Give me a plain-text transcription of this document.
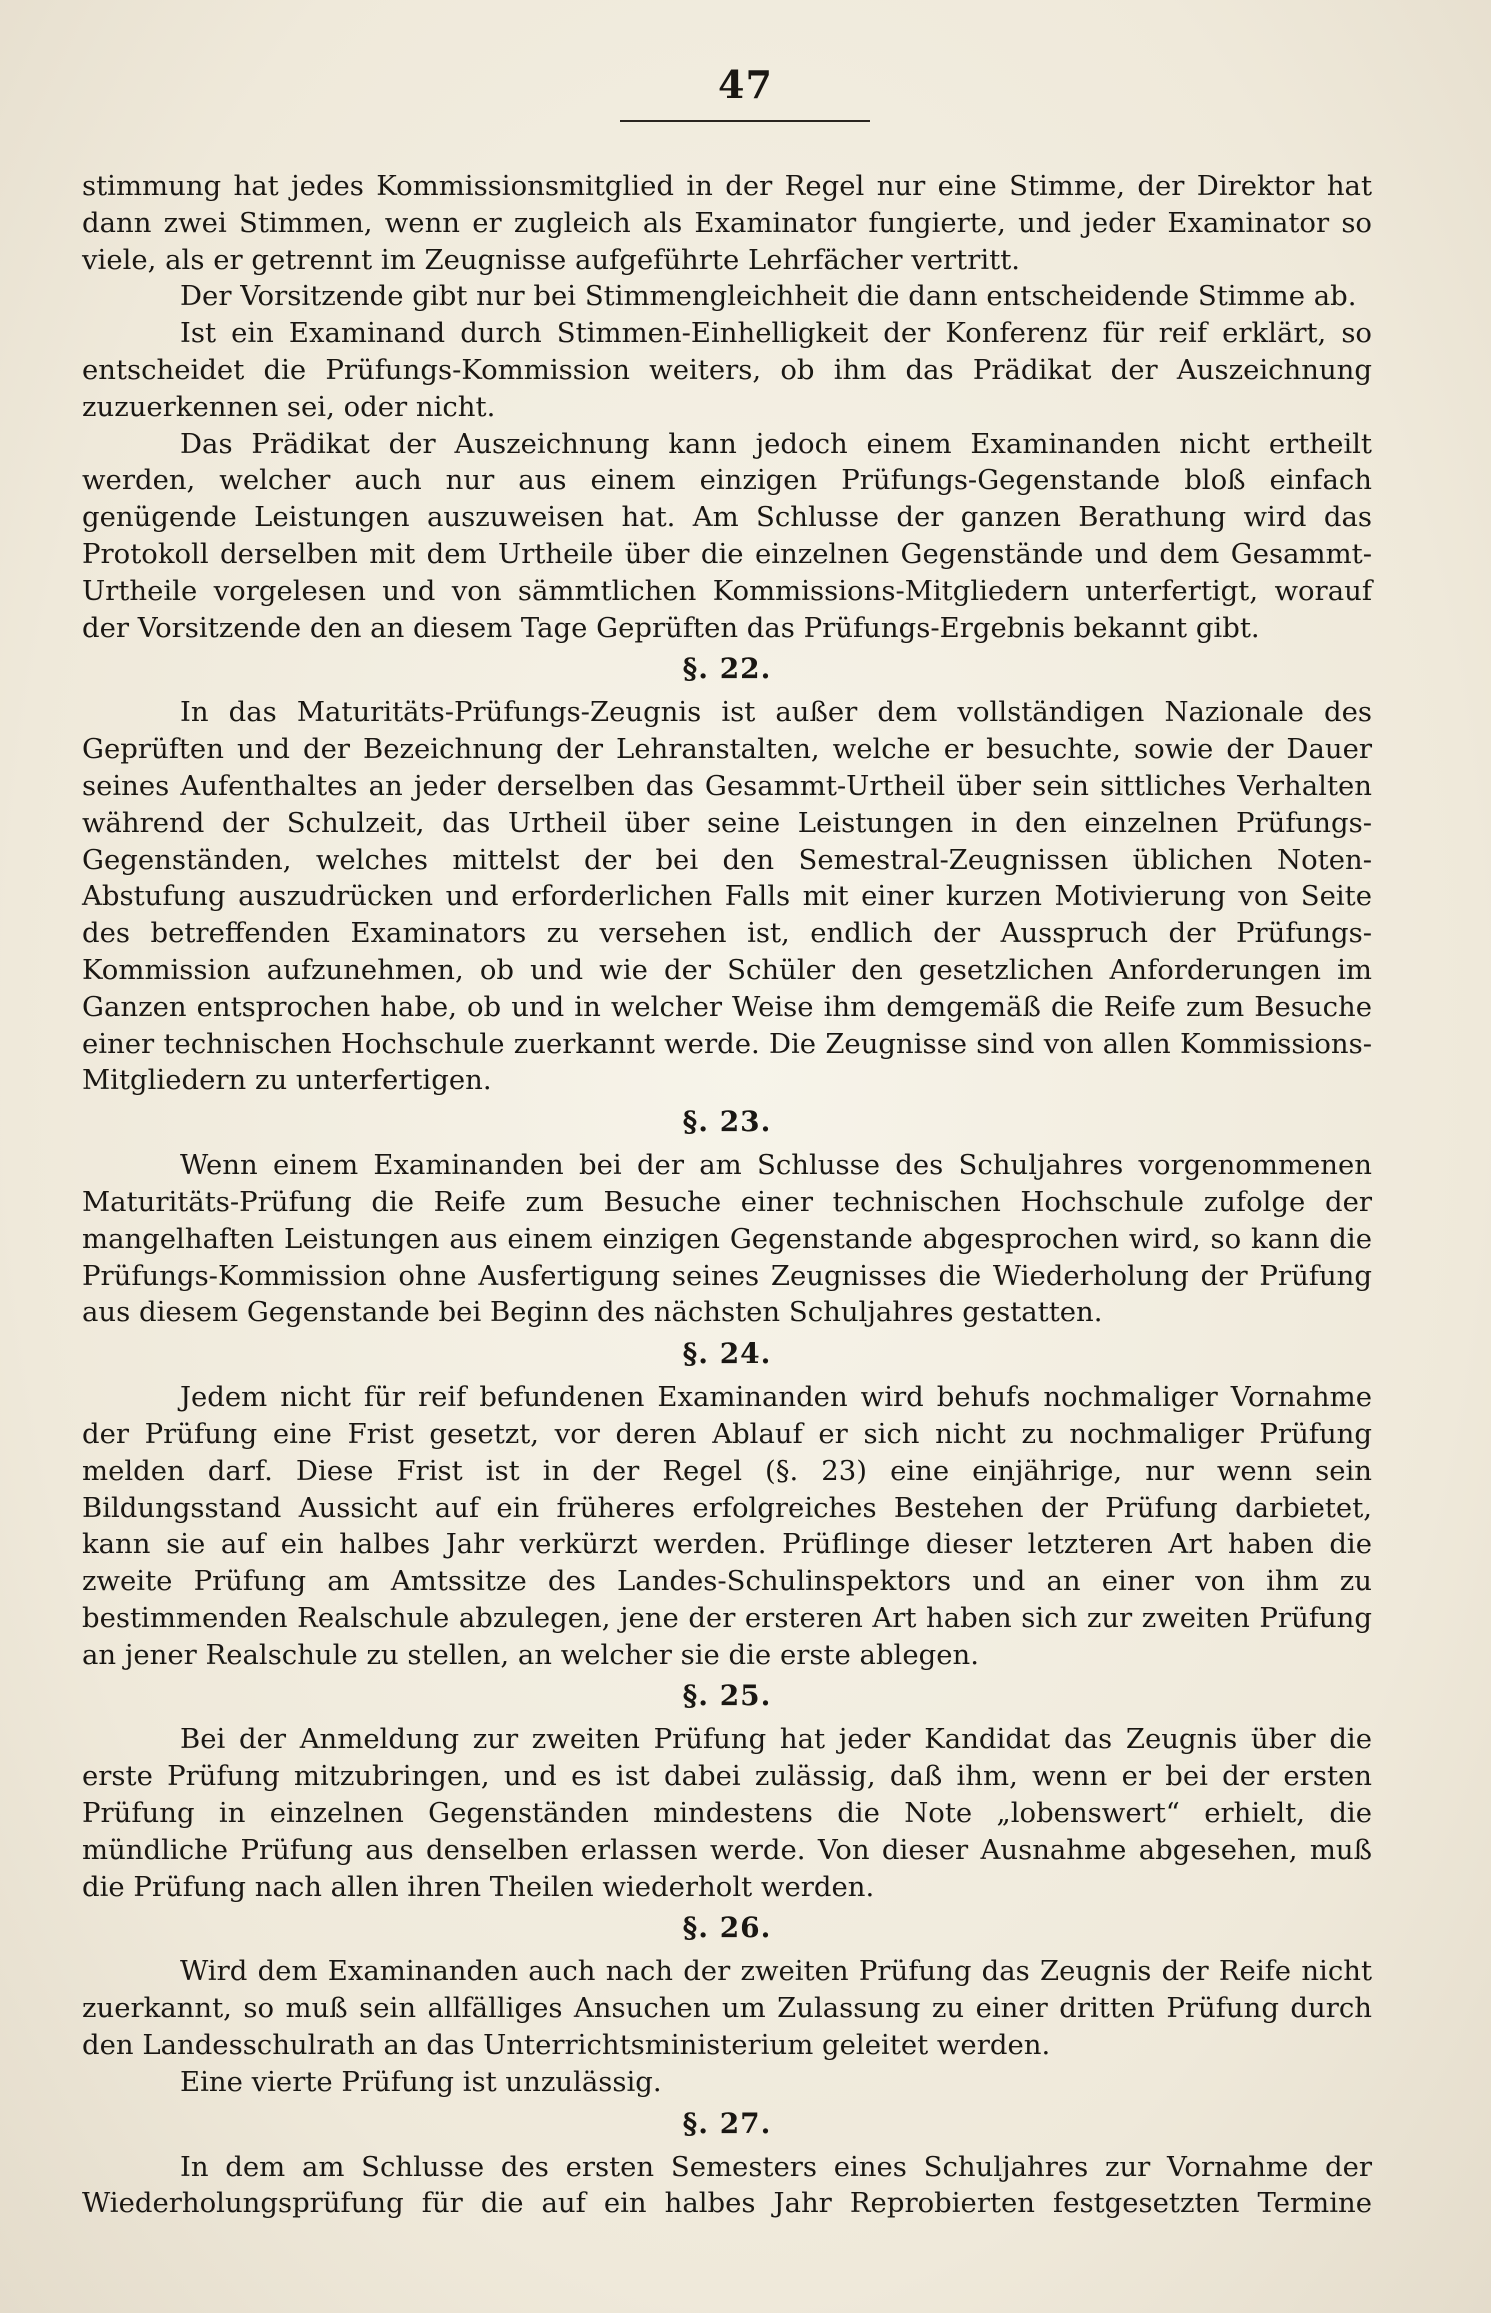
47

stimmung hat jedes Kommissionsmitglied in der Regel nur eine Stimme, der Direktor hat dann zwei Stimmen, wenn er zugleich als Examinator fungierte, und jeder Examinator so viele, als er getrennt im Zeugnisse aufgeführte Lehrfächer vertritt.

Der Vorsitzende gibt nur bei Stimmengleichheit die dann entscheidende Stimme ab.

Ist ein Examinand durch Stimmen-Einhelligkeit der Konferenz für reif erklärt, so entscheidet die Prüfungs-Kommission weiters, ob ihm das Prädikat der Auszeichnung zuzuerkennen sei, oder nicht.

Das Prädikat der Auszeichnung kann jedoch einem Examinanden nicht ertheilt werden, welcher auch nur aus einem einzigen Prüfungs-Gegenstande bloß einfach genügende Leistungen auszuweisen hat. Am Schlusse der ganzen Berathung wird das Protokoll derselben mit dem Urtheile über die einzelnen Gegenstände und dem Gesammt-Urtheile vorgelesen und von sämmtlichen Kommissions-Mitgliedern unterfertigt, worauf der Vorsitzende den an diesem Tage Geprüften das Prüfungs-Ergebnis bekannt gibt.

§. 22.

In das Maturitäts-Prüfungs-Zeugnis ist außer dem vollständigen Nazionale des Geprüften und der Bezeichnung der Lehranstalten, welche er besuchte, sowie der Dauer seines Aufenthaltes an jeder derselben das Gesammt-Urtheil über sein sittliches Verhalten während der Schulzeit, das Urtheil über seine Leistungen in den einzelnen Prüfungs-Gegenständen, welches mittelst der bei den Semestral-Zeugnissen üblichen Noten-Abstufung auszudrücken und erforderlichen Falls mit einer kurzen Motivierung von Seite des betreffenden Examinators zu versehen ist, endlich der Ausspruch der Prüfungs-Kommission aufzunehmen, ob und wie der Schüler den gesetzlichen Anforderungen im Ganzen entsprochen habe, ob und in welcher Weise ihm demgemäß die Reife zum Besuche einer technischen Hochschule zuerkannt werde. Die Zeugnisse sind von allen Kommissions-Mitgliedern zu unterfertigen.

§. 23.

Wenn einem Examinanden bei der am Schlusse des Schuljahres vorgenommenen Maturitäts-Prüfung die Reife zum Besuche einer technischen Hochschule zufolge der mangelhaften Leistungen aus einem einzigen Gegenstande abgesprochen wird, so kann die Prüfungs-Kommission ohne Ausfertigung seines Zeugnisses die Wiederholung der Prüfung aus diesem Gegenstande bei Beginn des nächsten Schuljahres gestatten.

§. 24.

Jedem nicht für reif befundenen Examinanden wird behufs nochmaliger Vornahme der Prüfung eine Frist gesetzt, vor deren Ablauf er sich nicht zu nochmaliger Prüfung melden darf. Diese Frist ist in der Regel (§. 23) eine einjährige, nur wenn sein Bildungsstand Aussicht auf ein früheres erfolgreiches Bestehen der Prüfung darbietet, kann sie auf ein halbes Jahr verkürzt werden. Prüflinge dieser letzteren Art haben die zweite Prüfung am Amtssitze des Landes-Schulinspektors und an einer von ihm zu bestimmenden Realschule abzulegen, jene der ersteren Art haben sich zur zweiten Prüfung an jener Realschule zu stellen, an welcher sie die erste ablegen.

§. 25.

Bei der Anmeldung zur zweiten Prüfung hat jeder Kandidat das Zeugnis über die erste Prüfung mitzubringen, und es ist dabei zulässig, daß ihm, wenn er bei der ersten Prüfung in einzelnen Gegenständen mindestens die Note „lobenswert“ erhielt, die mündliche Prüfung aus denselben erlassen werde. Von dieser Ausnahme abgesehen, muß die Prüfung nach allen ihren Theilen wiederholt werden.

§. 26.

Wird dem Examinanden auch nach der zweiten Prüfung das Zeugnis der Reife nicht zuerkannt, so muß sein allfälliges Ansuchen um Zulassung zu einer dritten Prüfung durch den Landesschulrath an das Unterrichtsministerium geleitet werden.

Eine vierte Prüfung ist unzulässig.

§. 27.

In dem am Schlusse des ersten Semesters eines Schuljahres zur Vornahme der Wiederholungsprüfung für die auf ein halbes Jahr Reprobierten festgesetzten Termine
